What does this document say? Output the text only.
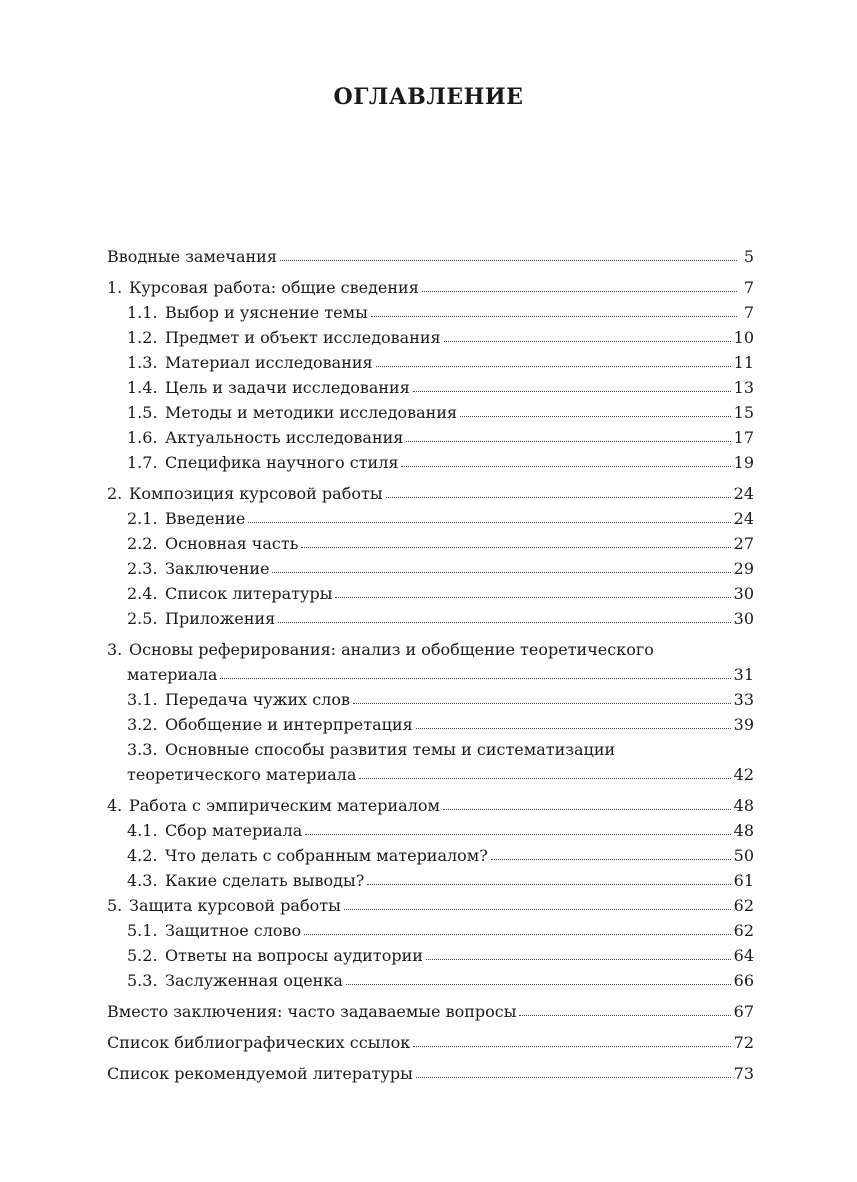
ОГЛАВЛЕНИЕ
Вводные замечания	5
1. Курсовая работа: общие сведения	7
1.1. Выбор и уяснение темы	7
1.2. Предмет и объект исследования	10
1.3. Материал исследования	11
1.4. Цель и задачи исследования	13
1.5. Методы и методики исследования	15
1.6. Актуальность исследования	17
1.7. Специфика научного стиля	19
2. Композиция курсовой работы	24
2.1. Введение	24
2.2. Основная часть	27
2.3. Заключение	29
2.4. Список литературы	30
2.5. Приложения	30
3. Основы реферирования: анализ и обобщение теоретического
материала	31
3.1. Передача чужих слов	33
3.2. Обобщение и интерпретация	39
3.3. Основные способы развития темы и систематизации
теоретического материала	42
4. Работа с эмпирическим материалом	48
4.1. Сбор материала	48
4.2. Что делать с собранным материалом?	50
4.3. Какие сделать выводы?	61
5. Защита курсовой работы	62
5.1. Защитное слово	62
5.2. Ответы на вопросы аудитории	64
5.3. Заслуженная оценка	66
Вместо заключения: часто задаваемые вопросы	67
Список библиографических ссылок	72
Список рекомендуемой литературы	73
